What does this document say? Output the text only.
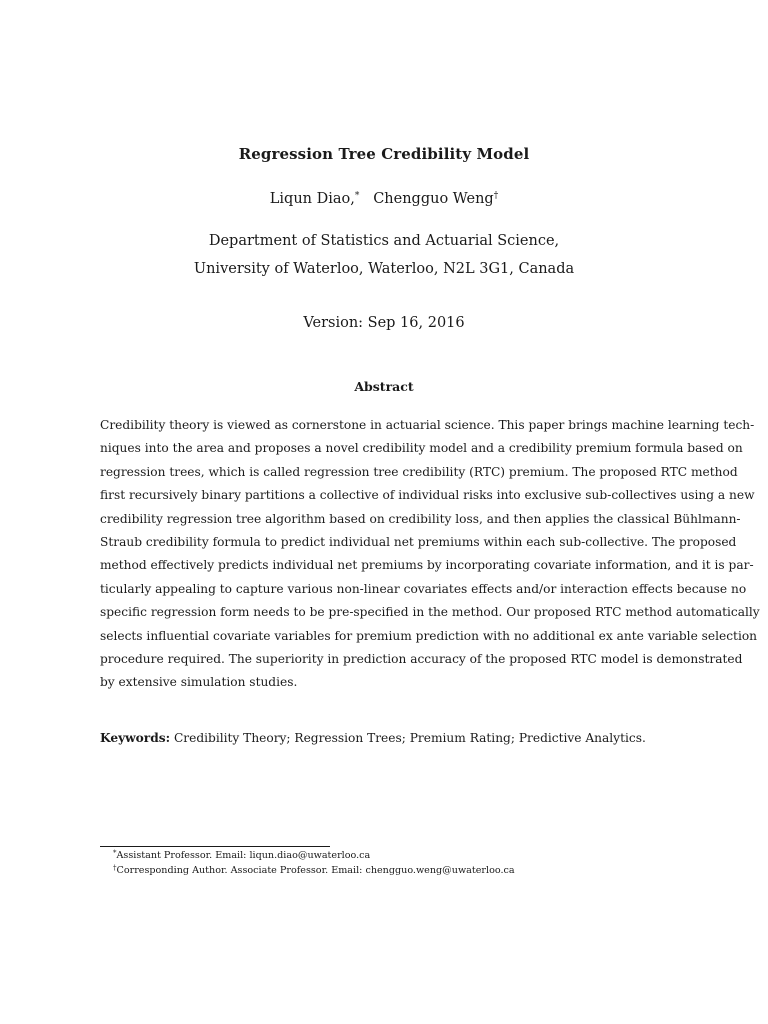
Regression Tree Credibility Model
Liqun Diao,* Chengguo Weng†
Department of Statistics and Actuarial Science,
University of Waterloo, Waterloo, N2L 3G1, Canada
Version: Sep 16, 2016
Abstract
Credibility theory is viewed as cornerstone in actuarial science. This paper brings machine learning tech-
niques into the area and proposes a novel credibility model and a credibility premium formula based on
regression trees, which is called regression tree credibility (RTC) premium. The proposed RTC method
first recursively binary partitions a collective of individual risks into exclusive sub-collectives using a new
credibility regression tree algorithm based on credibility loss, and then applies the classical Bühlmann-
Straub credibility formula to predict individual net premiums within each sub-collective. The proposed
method effectively predicts individual net premiums by incorporating covariate information, and it is par-
ticularly appealing to capture various non-linear covariates effects and/or interaction effects because no
specific regression form needs to be pre-specified in the method. Our proposed RTC method automatically
selects influential covariate variables for premium prediction with no additional ex ante variable selection
procedure required. The superiority in prediction accuracy of the proposed RTC model is demonstrated
by extensive simulation studies.
Keywords: Credibility Theory; Regression Trees; Premium Rating; Predictive Analytics.
*Assistant Professor. Email: liqun.diao@uwaterloo.ca
†Corresponding Author. Associate Professor. Email: chengguo.weng@uwaterloo.ca
